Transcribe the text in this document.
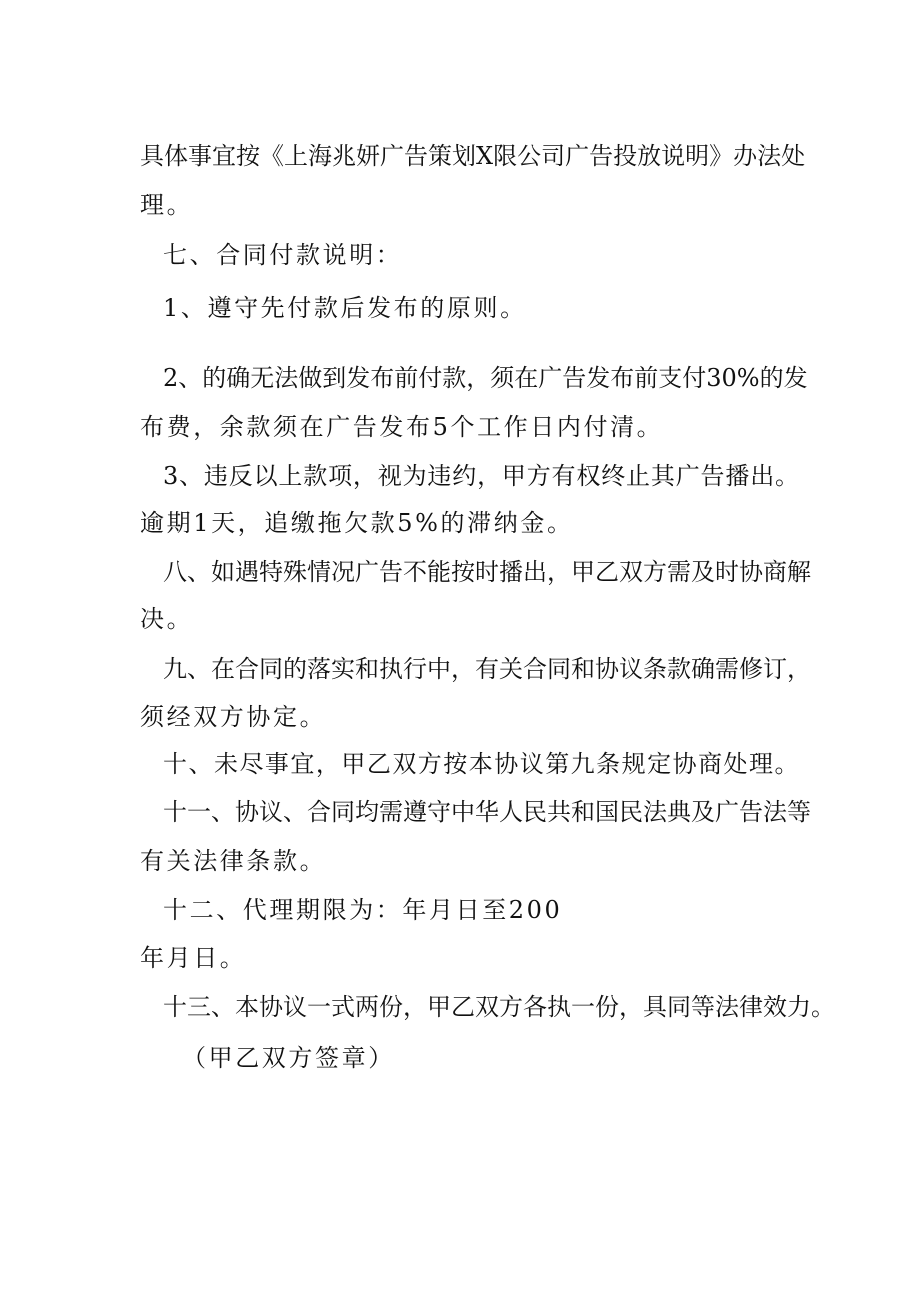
具体事宜按《上海兆妍广告策划X限公司广告投放说明》办法处
理。
七、合同付款说明：
1、遵守先付款后发布的原则。
2、的确无法做到发布前付款，须在广告发布前支付30%的发
布费，余款须在广告发布5个工作日内付清。
3、违反以上款项，视为违约，甲方有权终止其广告播出。
逾期1天，追缴拖欠款5%的滞纳金。
八、如遇特殊情况广告不能按时播出，甲乙双方需及时协商解
决。
九、在合同的落实和执行中，有关合同和协议条款确需修订，
须经双方协定。
十、未尽事宜，甲乙双方按本协议第九条规定协商处理。
十一、协议、合同均需遵守中华人民共和国民法典及广告法等
有关法律条款。
十二、代理期限为：年月日至200
年月日。
十三、本协议一式两份，甲乙双方各执一份，具同等法律效力。
（甲乙双方签章）
